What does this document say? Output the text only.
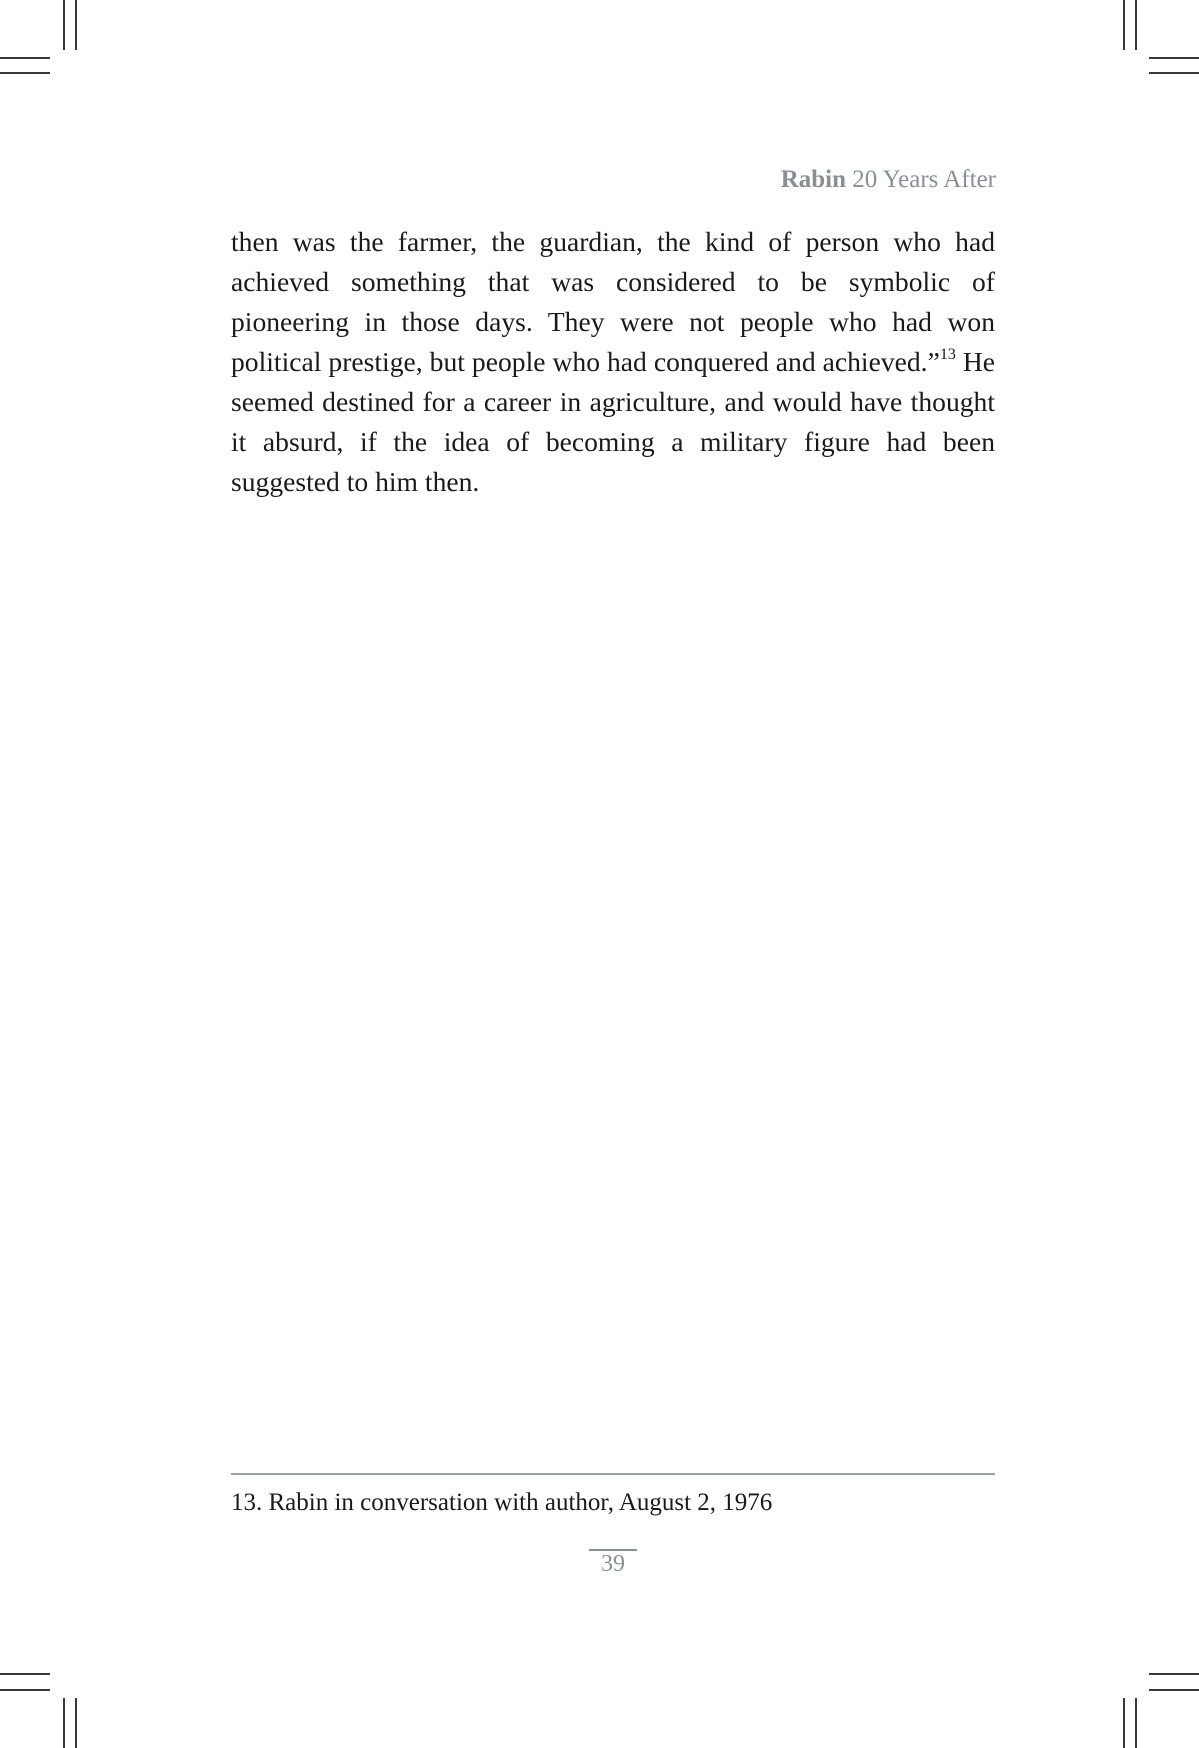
Rabin 20 Years After

then was the farmer, the guardian, the kind of person who had achieved something that was considered to be symbolic of pioneering in those days. They were not people who had won political prestige, but people who had conquered and achieved.”$^{13}$ He seemed destined for a career in agriculture, and would have thought it absurd, if the idea of becoming a military figure had been suggested to him then.

13. Rabin in conversation with author, August 2, 1976
39
